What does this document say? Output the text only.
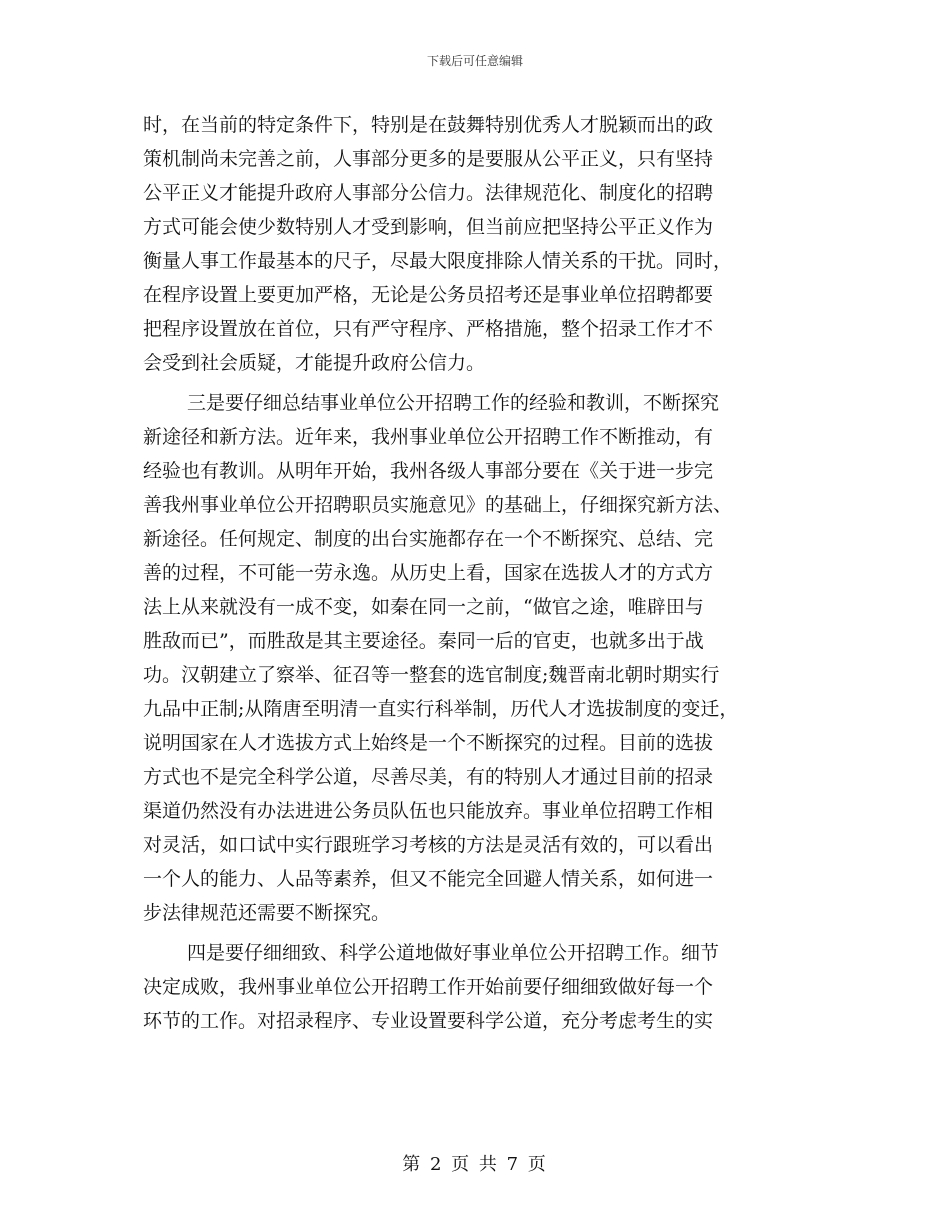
下载后可任意编辑
时，在当前的特定条件下，特别是在鼓舞特别优秀人才脱颖而出的政
策机制尚未完善之前，人事部分更多的是要服从公平正义，只有坚持
公平正义才能提升政府人事部分公信力。法律规范化、制度化的招聘
方式可能会使少数特别人才受到影响，但当前应把坚持公平正义作为
衡量人事工作最基本的尺子，尽最大限度排除人情关系的干扰。同时，
在程序设置上要更加严格，无论是公务员招考还是事业单位招聘都要
把程序设置放在首位，只有严守程序、严格措施，整个招录工作才不
会受到社会质疑，才能提升政府公信力。
三是要仔细总结事业单位公开招聘工作的经验和教训，不断探究
新途径和新方法。近年来，我州事业单位公开招聘工作不断推动，有
经验也有教训。从明年开始，我州各级人事部分要在《关于进一步完
善我州事业单位公开招聘职员实施意见》的基础上，仔细探究新方法、
新途径。任何规定、制度的出台实施都存在一个不断探究、总结、完
善的过程，不可能一劳永逸。从历史上看，国家在选拔人才的方式方
法上从来就没有一成不变，如秦在同一之前，“做官之途，唯辟田与
胜敌而已”，而胜敌是其主要途径。秦同一后的官吏，也就多出于战
功。汉朝建立了察举、征召等一整套的选官制度;魏晋南北朝时期实行
九品中正制;从隋唐至明清一直实行科举制，历代人才选拔制度的变迁，
说明国家在人才选拔方式上始终是一个不断探究的过程。目前的选拔
方式也不是完全科学公道，尽善尽美，有的特别人才通过目前的招录
渠道仍然没有办法进进公务员队伍也只能放弃。事业单位招聘工作相
对灵活，如口试中实行跟班学习考核的方法是灵活有效的，可以看出
一个人的能力、人品等素养，但又不能完全回避人情关系，如何进一
步法律规范还需要不断探究。
四是要仔细细致、科学公道地做好事业单位公开招聘工作。细节
决定成败，我州事业单位公开招聘工作开始前要仔细细致做好每一个
环节的工作。对招录程序、专业设置要科学公道，充分考虑考生的实
第 2 页 共 7 页
